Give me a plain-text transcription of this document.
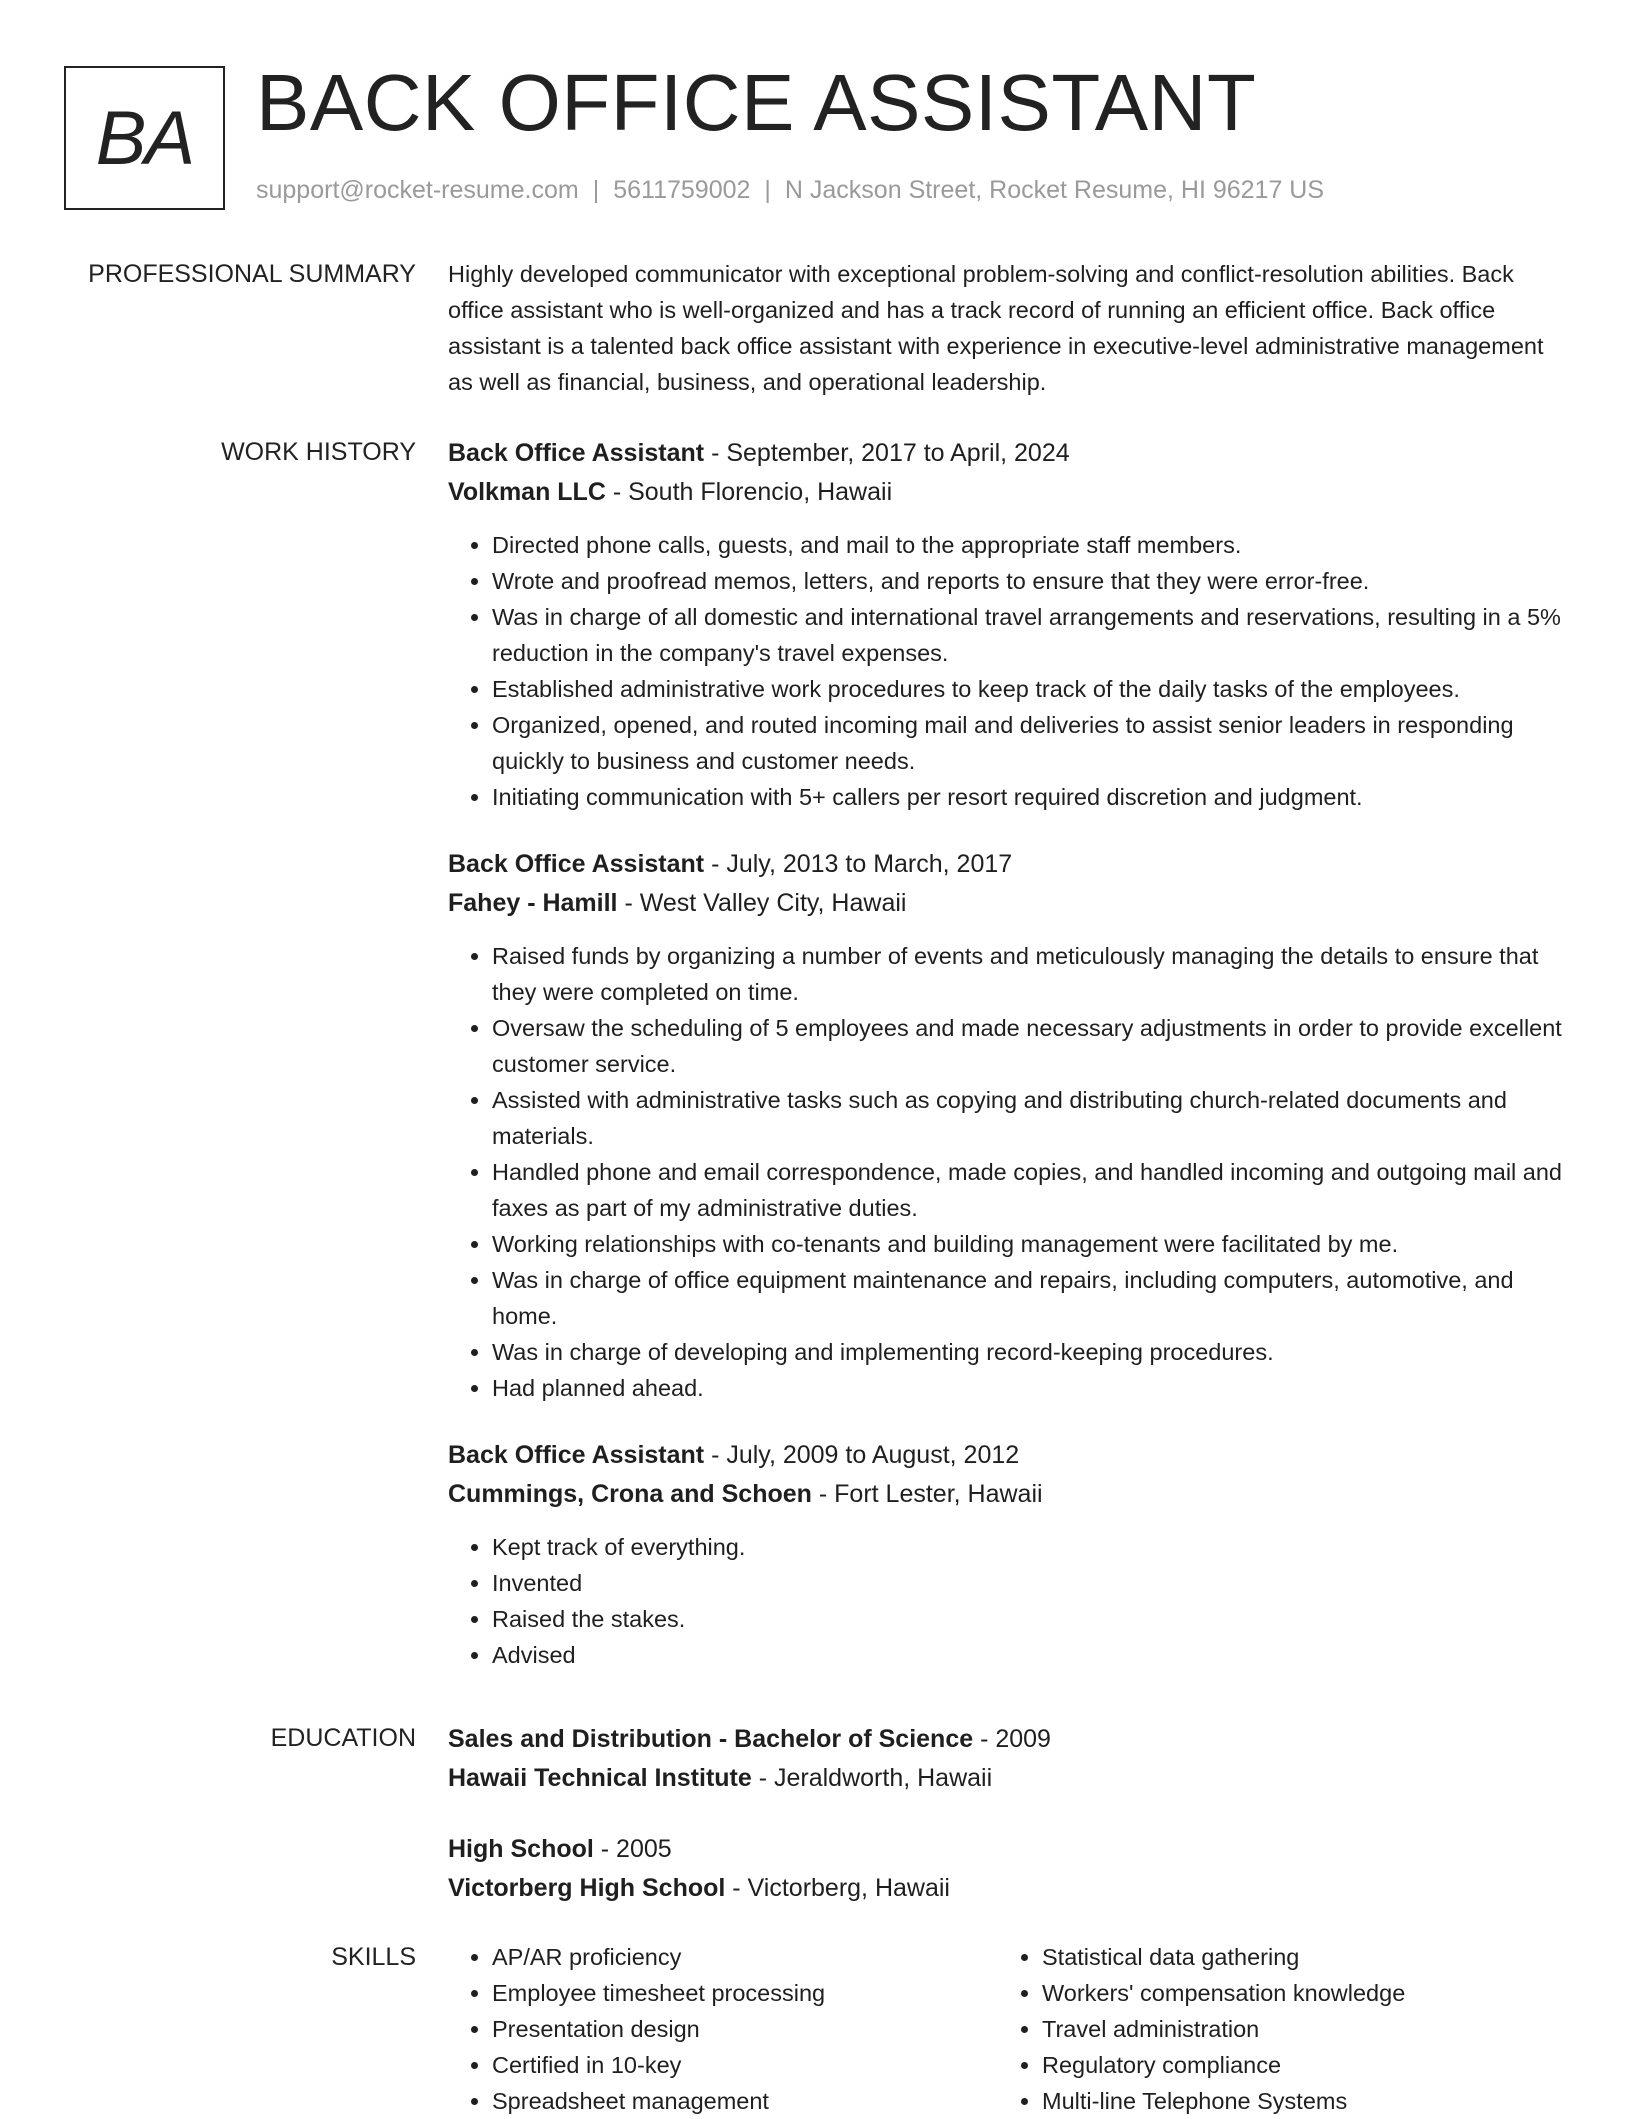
BA BACK OFFICE ASSISTANT
support@rocket-resume.com | 5611759002 | N Jackson Street, Rocket Resume, HI 96217 US
PROFESSIONAL SUMMARY Highly developed communicator with exceptional problem-solving and conflict-resolution abilities. Back office assistant who is well-organized and has a track record of running an efficient office. Back office assistant is a talented back office assistant with experience in executive-level administrative management as well as financial, business, and operational leadership.

WORK HISTORY Back Office Assistant - September, 2017 to April, 2024
Volkman LLC - South Florencio, Hawaii
• Directed phone calls, guests, and mail to the appropriate staff members.
• Wrote and proofread memos, letters, and reports to ensure that they were error-free.
• Was in charge of all domestic and international travel arrangements and reservations, resulting in a 5% reduction in the company's travel expenses.
• Established administrative work procedures to keep track of the daily tasks of the employees.
• Organized, opened, and routed incoming mail and deliveries to assist senior leaders in responding quickly to business and customer needs.
• Initiating communication with 5+ callers per resort required discretion and judgment.
Back Office Assistant - July, 2013 to March, 2017
Fahey - Hamill - West Valley City, Hawaii
• Raised funds by organizing a number of events and meticulously managing the details to ensure that they were completed on time.
• Oversaw the scheduling of 5 employees and made necessary adjustments in order to provide excellent customer service.
• Assisted with administrative tasks such as copying and distributing church-related documents and materials.
• Handled phone and email correspondence, made copies, and handled incoming and outgoing mail and faxes as part of my administrative duties.
• Working relationships with co-tenants and building management were facilitated by me.
• Was in charge of office equipment maintenance and repairs, including computers, automotive, and home.
• Was in charge of developing and implementing record-keeping procedures.
• Had planned ahead.
Back Office Assistant - July, 2009 to August, 2012
Cummings, Crona and Schoen - Fort Lester, Hawaii
• Kept track of everything.
• Invented
• Raised the stakes.
• Advised
EDUCATION Sales and Distribution - Bachelor of Science - 2009
Hawaii Technical Institute - Jeraldworth, Hawaii
High School - 2005
Victorberg High School - Victorberg, Hawaii
SKILLS
•	AP/AR proficiency
• Employee timesheet processing
• Presentation design
• Certified in 10-key
• Spreadsheet management
• Statistical data gathering
• Workers' compensation knowledge
• Travel administration
• Regulatory compliance
• Multi-line Telephone Systems
